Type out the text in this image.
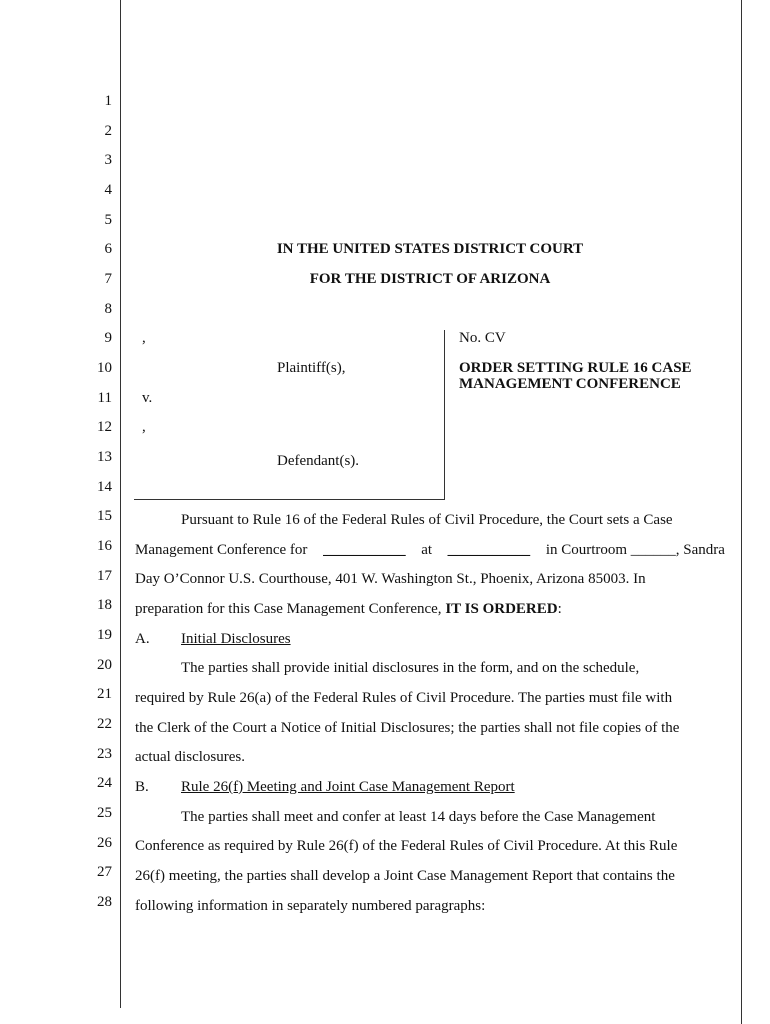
1
2
3
4
5
6
7
8
9
10
11
12
13
14
15
16
17
18
19
20
21
22
23
24
25
26
27
28
IN THE UNITED STATES DISTRICT COURT
FOR THE DISTRICT OF ARIZONA
,
Plaintiff(s),
v.
,
Defendant(s).
No. CV
ORDER SETTING RULE 16 CASE
MANAGEMENT CONFERENCE
Pursuant to Rule 16 of the Federal Rules of Civil Procedure, the Court sets a Case
Management Conference for ___________ at ___________ in Courtroom ______, Sandra
Day O’Connor U.S. Courthouse, 401 W. Washington St., Phoenix, Arizona 85003. In
preparation for this Case Management Conference, IT IS ORDERED:
A. Initial Disclosures
The parties shall provide initial disclosures in the form, and on the schedule,
required by Rule 26(a) of the Federal Rules of Civil Procedure. The parties must file with
the Clerk of the Court a Notice of Initial Disclosures; the parties shall not file copies of the
actual disclosures.
B. Rule 26(f) Meeting and Joint Case Management Report
The parties shall meet and confer at least 14 days before the Case Management
Conference as required by Rule 26(f) of the Federal Rules of Civil Procedure. At this Rule
26(f) meeting, the parties shall develop a Joint Case Management Report that contains the
following information in separately numbered paragraphs:
